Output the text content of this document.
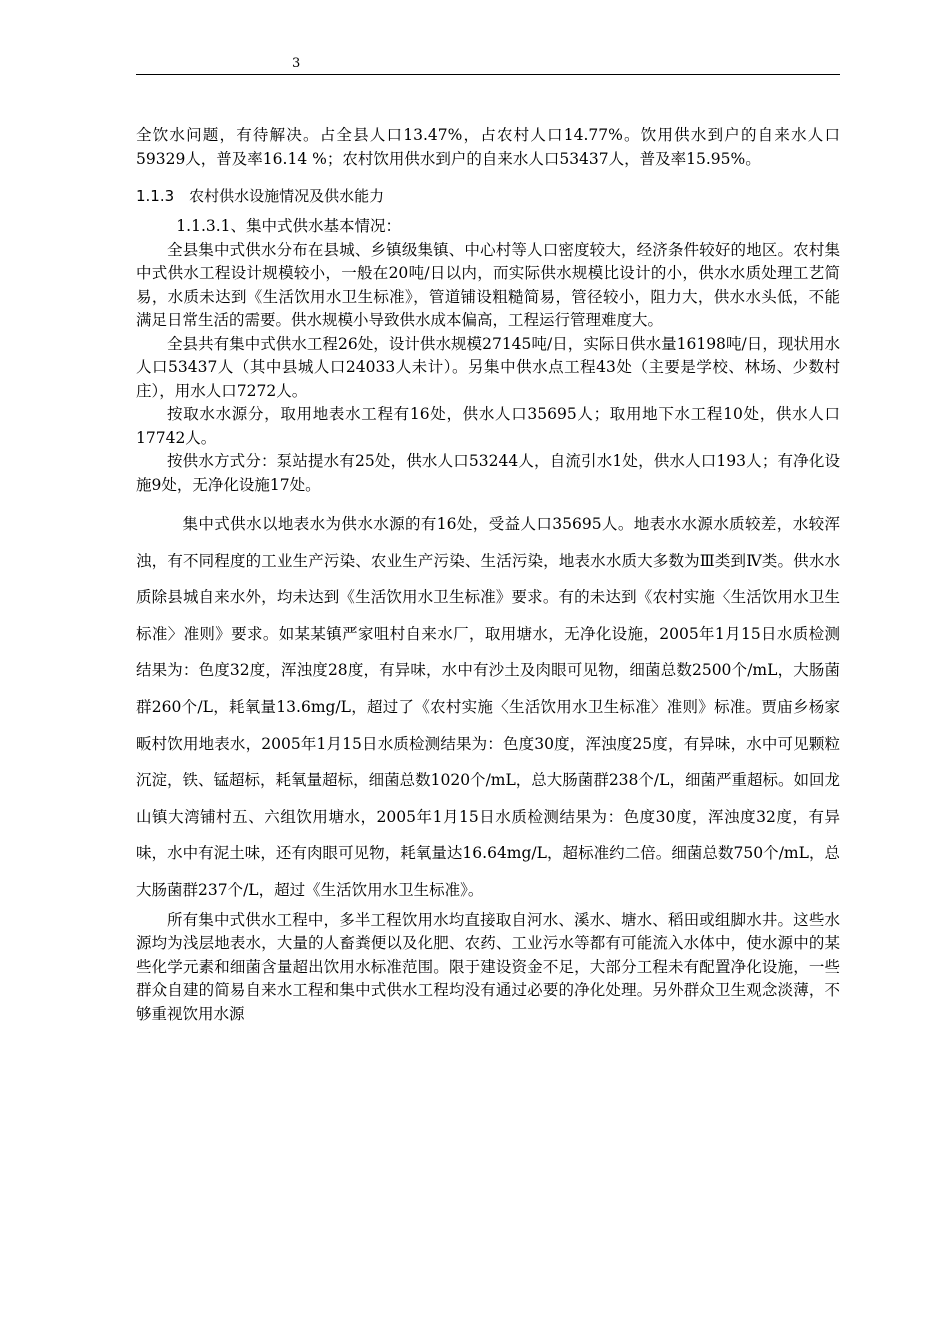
3

全饮水问题，有待解决。占全县人口13.47%，占农村人口14.77%。饮用供水到户的自来水人口59329人，普及率16.14 %；农村饮用供水到户的自来水人口53437人，普及率15.95%。

1.1.3　农村供水设施情况及供水能力

1.1.3.1、集中式供水基本情况：

全县集中式供水分布在县城、乡镇级集镇、中心村等人口密度较大，经济条件较好的地区。农村集中式供水工程设计规模较小，一般在20吨/日以内，而实际供水规模比设计的小，供水水质处理工艺简易，水质未达到《生活饮用水卫生标准》，管道铺设粗糙简易，管径较小，阻力大，供水水头低，不能满足日常生活的需要。供水规模小导致供水成本偏高，工程运行管理难度大。

全县共有集中式供水工程26处，设计供水规模27145吨/日，实际日供水量16198吨/日，现状用水人口53437人（其中县城人口24033人未计）。另集中供水点工程43处（主要是学校、林场、少数村庄），用水人口7272人。

按取水水源分，取用地表水工程有16处，供水人口35695人；取用地下水工程10处，供水人口17742人。

按供水方式分：泵站提水有25处，供水人口53244人，自流引水1处，供水人口193人；有净化设施9处，无净化设施17处。

集中式供水以地表水为供水水源的有16处，受益人口35695人。地表水水源水质较差，水较浑浊，有不同程度的工业生产污染、农业生产污染、生活污染，地表水水质大多数为Ⅲ类到Ⅳ类。供水水质除县城自来水外，均未达到《生活饮用水卫生标准》要求。有的未达到《农村实施〈生活饮用水卫生标准〉准则》要求。如某某镇严家咀村自来水厂，取用塘水，无净化设施，2005年1月15日水质检测结果为：色度32度，浑浊度28度，有异味，水中有沙土及肉眼可见物，细菌总数2500个/mL，大肠菌群260个/L，耗氧量13.6mg/L，超过了《农村实施〈生活饮用水卫生标准〉准则》标准。贾庙乡杨家畈村饮用地表水，2005年1月15日水质检测结果为：色度30度，浑浊度25度，有异味，水中可见颗粒沉淀，铁、锰超标，耗氧量超标，细菌总数1020个/mL，总大肠菌群238个/L，细菌严重超标。如回龙山镇大湾铺村五、六组饮用塘水，2005年1月15日水质检测结果为：色度30度，浑浊度32度，有异味，水中有泥土味，还有肉眼可见物，耗氧量达16.64mg/L，超标准约二倍。细菌总数750个/mL，总大肠菌群237个/L，超过《生活饮用水卫生标准》。

所有集中式供水工程中，多半工程饮用水均直接取自河水、溪水、塘水、稻田或组脚水井。这些水源均为浅层地表水，大量的人畜粪便以及化肥、农药、工业污水等都有可能流入水体中，使水源中的某些化学元素和细菌含量超出饮用水标准范围。限于建设资金不足，大部分工程未有配置净化设施，一些群众自建的简易自来水工程和集中式供水工程均没有通过必要的净化处理。另外群众卫生观念淡薄，不够重视饮用水源
